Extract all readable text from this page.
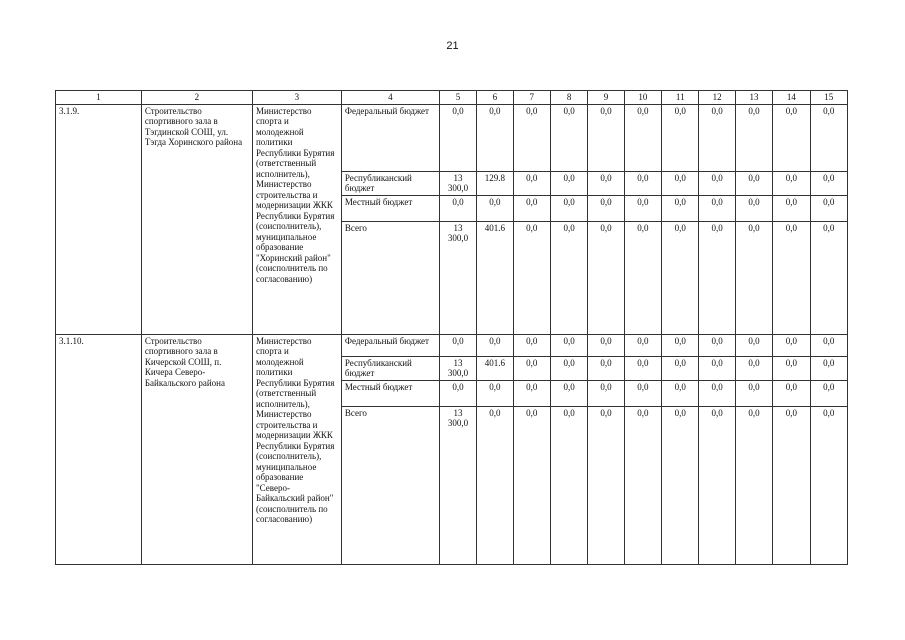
21
1	2	3	4	5	6	7	8	9	10	11	12	13	14	15
3.1.9.	Строительство спортивного зала в Тэгдинской СОШ, ул. Тэгда Хоринского района	Министерство спорта и молодежной политики Республики Бурятия (ответственный исполнитель), Министерство строительства и модернизации ЖКК Республики Бурятия (соисполнитель), муниципальное образование "Хоринский район" (соисполнитель по согласованию)	Федеральный бюджет	0,0	0,0	0,0	0,0	0,0	0,0	0,0	0,0	0,0	0,0	0,0
			Республиканский бюджет	13 300,0	129.8	0,0	0,0	0,0	0,0	0,0	0,0	0,0	0,0	0,0
			Местный бюджет	0,0	0,0	0,0	0,0	0,0	0,0	0,0	0,0	0,0	0,0	0,0
			Всего	13 300,0	401.6	0,0	0,0	0,0	0,0	0,0	0,0	0,0	0,0	0,0
3.1.10.	Строительство спортивного зала в Кичерской СОШ, п. Кичера Северо-Байкальского района	Министерство спорта и молодежной политики Республики Бурятия (ответственный исполнитель), Министерство строительства и модернизации ЖКК Республики Бурятия (соисполнитель), муниципальное образование "Северо-Байкальский район" (соисполнитель по согласованию)	Федеральный бюджет	0,0	0,0	0,0	0,0	0,0	0,0	0,0	0,0	0,0	0,0	0,0
			Республиканский бюджет	13 300,0	401.6	0,0	0,0	0,0	0,0	0,0	0,0	0,0	0,0	0,0
			Местный бюджет	0,0	0,0	0,0	0,0	0,0	0,0	0,0	0,0	0,0	0,0	0,0
			Всего	13 300,0	0,0	0,0	0,0	0,0	0,0	0,0	0,0	0,0	0,0	0,0
